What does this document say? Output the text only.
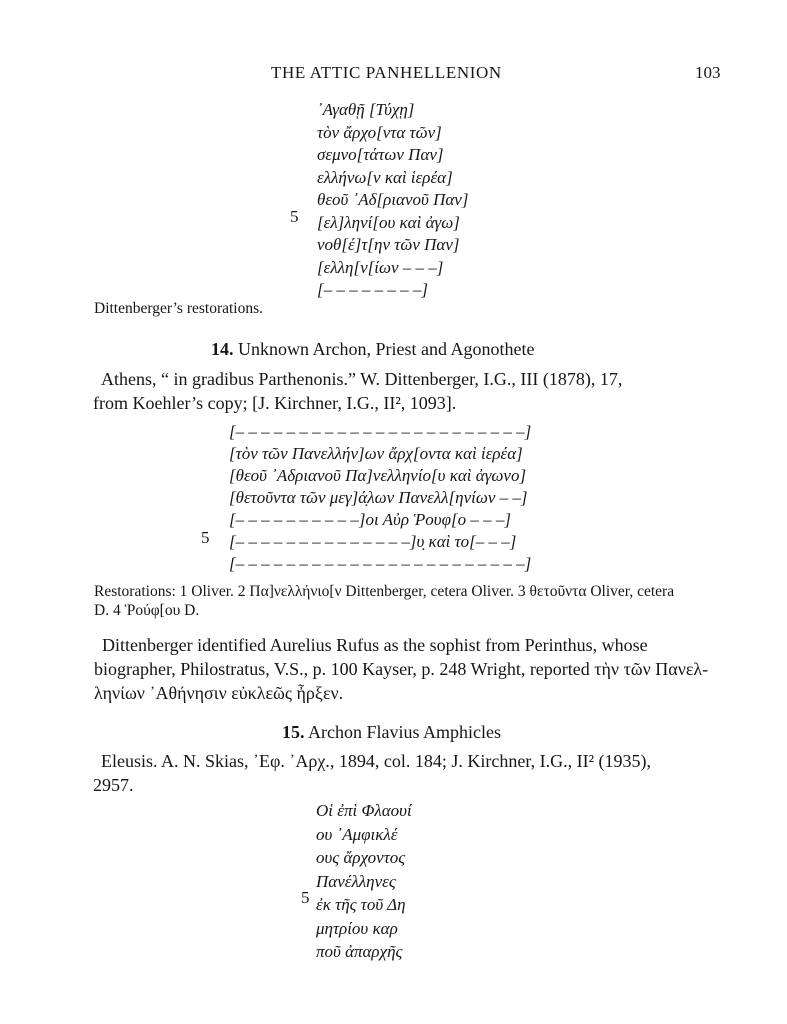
THE ATTIC PANHELLENION	103
᾿Αγαθῇ [Τύχῃ]
τὸν ἄρχο[ντα τῶν]
σεμνο[τάτων Παν]
ελλήνω[ν καὶ ἱερέα]
θεοῦ ᾿Αδ[ριανοῦ Παν]
[ελ]ληνί[ου καὶ ἀγω]
νοθ[έ]τ[ην τῶν Παν]
[ελλη[ν[ίων – – –]
[– – – – – – – –]
5
Dittenberger’s restorations.
14. Unknown Archon, Priest and Agonothete
Athens, “ in gradibus Parthenonis.” W. Dittenberger, I.G., III (1878), 17,
from Koehler’s copy; [J. Kirchner, I.G., II², 1093].
[– – – – – – – – – – – – – – – – – – – – – – –]
[τὸν τῶν Πανελλήν]ων ἄρχ[οντα καὶ ἱερέα]
[θεοῦ ᾿Αδριανοῦ Πα]νελληνίο[υ καὶ ἀγωνο]
[θετοῦντα τῶν μεγ]ά̣λων Πανελλ[ηνίων – –]
[– – – – – – – – – –]οι Αὐρ Ῥουφ[ο – – –]
[– – – – – – – – – – – – – –]υ̣ καὶ το[– – –]
[– – – – – – – – – – – – – – – – – – – – – – –]
5
Restorations: 1 Oliver. 2 Πα]νελλήνιο[ν Dittenberger, cetera Oliver. 3 θετοῦντα Oliver, cetera
D. 4 Ῥούφ[ου D.
Dittenberger identified Aurelius Rufus as the sophist from Perinthus, whose
biographer, Philostratus, V.S., p. 100 Kayser, p. 248 Wright, reported τὴν τῶν Πανελ-
ληνίων ᾿Αθήνησιν εὐκλεῶς ἦρξεν.
15. Archon Flavius Amphicles
Eleusis. A. N. Skias, ᾿Εφ. ᾿Αρχ., 1894, col. 184; J. Kirchner, I.G., II² (1935),
2957.
Οἱ ἐπὶ Φλαουί
ου ᾿Αμφικλέ
ους ἄρχοντος
Πανέλληνες
ἐκ τῆς τοῦ Δη
μητρίου καρ
ποῦ ἀπαρχῆς
5
